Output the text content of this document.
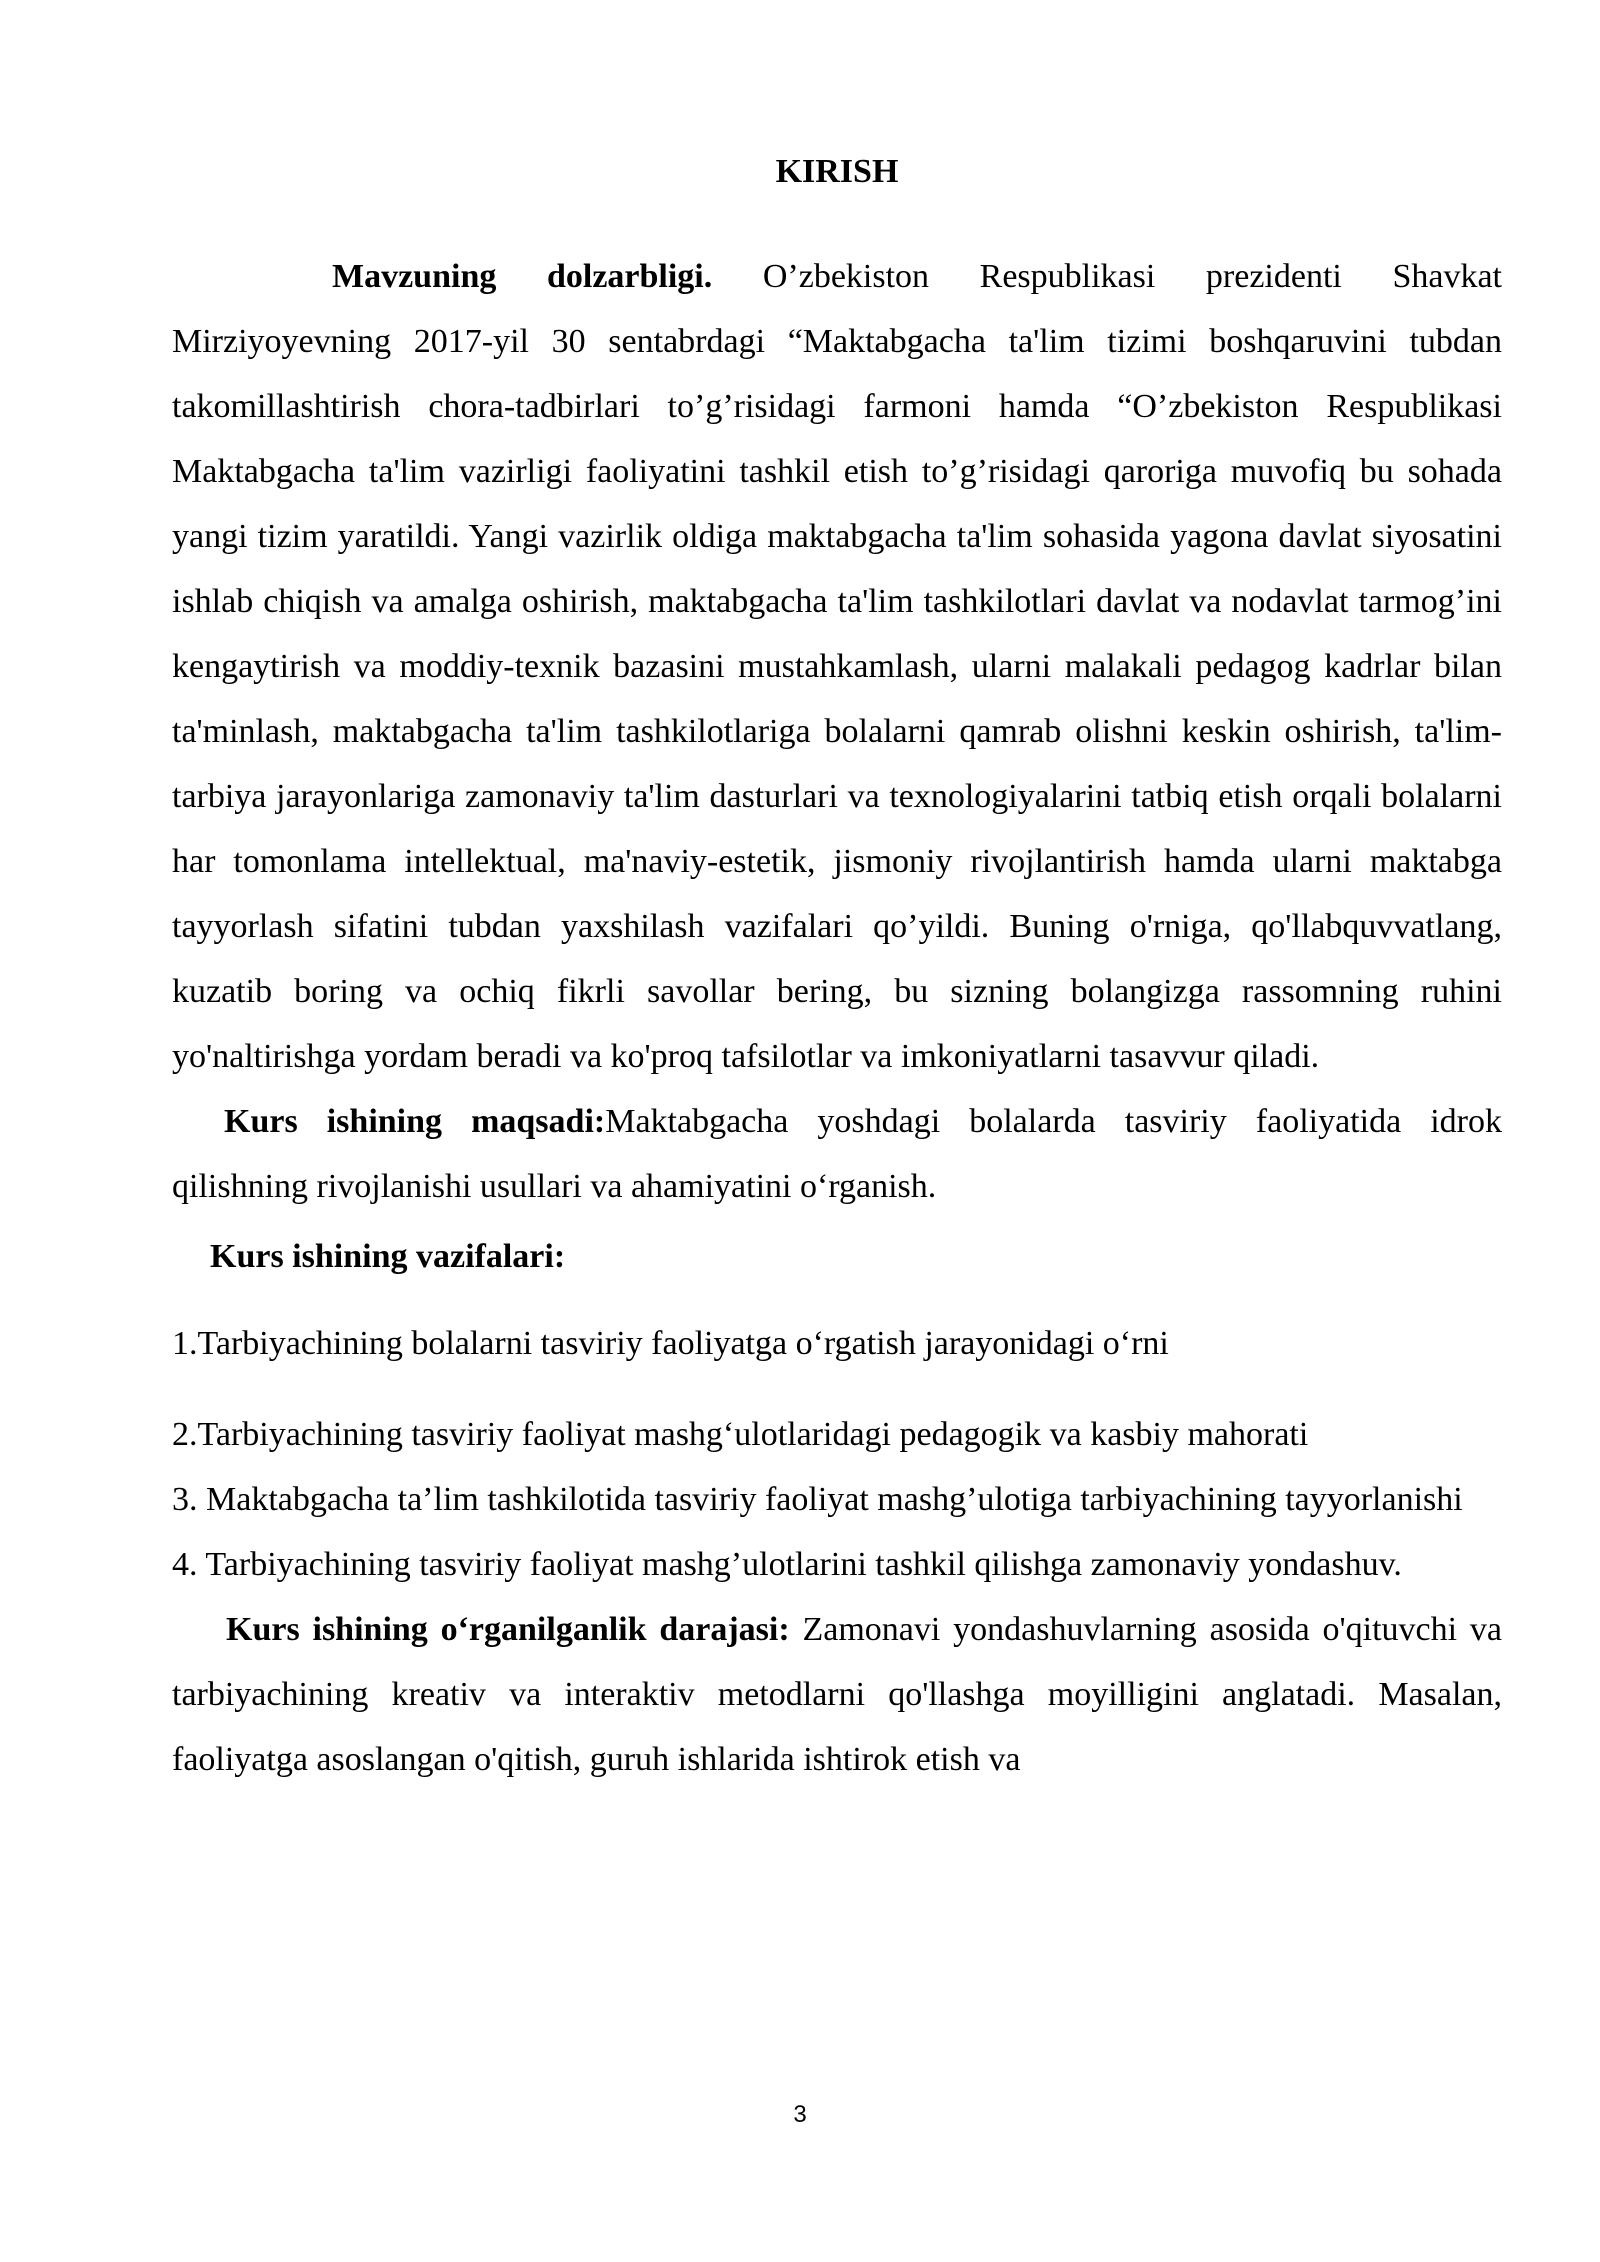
KIRISH

Mavzuning dolzarbligi. O’zbekiston Respublikasi prezidenti Shavkat Mirziyoyevning 2017-yil 30 sentabrdagi “Maktabgacha ta'lim tizimi boshqaruvini tubdan takomillashtirish chora-tadbirlari to’g’risidagi farmoni hamda “O’zbekiston Respublikasi Maktabgacha ta'lim vazirligi faoliyatini tashkil etish to’g’risidagi qaroriga muvofiq bu sohada yangi tizim yaratildi. Yangi vazirlik oldiga maktabgacha ta'lim sohasida yagona davlat siyosatini ishlab chiqish va amalga oshirish, maktabgacha ta'lim tashkilotlari davlat va nodavlat tarmog’ini kengaytirish va moddiy-texnik bazasini mustahkamlash, ularni malakali pedagog kadrlar bilan ta'minlash, maktabgacha ta'lim tashkilotlariga bolalarni qamrab olishni keskin oshirish, ta'lim-tarbiya jarayonlariga zamonaviy ta'lim dasturlari va texnologiyalarini tatbiq etish orqali bolalarni har tomonlama intellektual, ma'naviy-estetik, jismoniy rivojlantirish hamda ularni maktabga tayyorlash sifatini tubdan yaxshilash vazifalari qo’yildi. Buning o'rniga, qo'llabquvvatlang, kuzatib boring va ochiq fikrli savollar bering, bu sizning bolangizga rassomning ruhini yo'naltirishga yordam beradi va ko'proq tafsilotlar va imkoniyatlarni tasavvur qiladi.

Kurs ishining maqsadi:Maktabgacha yoshdagi bolalarda tasviriy faoliyatida idrok qilishning rivojlanishi usullari va ahamiyatini o‘rganish.

Kurs ishining vazifalari:

1.Tarbiyachining bolalarni tasviriy faoliyatga o‘rgatish jarayonidagi o‘rni
2.Tarbiyachining tasviriy faoliyat mashg‘ulotlaridagi pedagogik va kasbiy mahorati
3. Maktabgacha ta’lim tashkilotida tasviriy faoliyat mashg’ulotiga tarbiyachining tayyorlanishi
4. Tarbiyachining tasviriy faoliyat mashg’ulotlarini tashkil qilishga zamonaviy yondashuv.

Kurs ishining o‘rganilganlik darajasi: Zamonavi yondashuvlarning asosida o'qituvchi va tarbiyachining kreativ va interaktiv metodlarni qo'llashga moyilligini anglatadi. Masalan, faoliyatga asoslangan o'qitish, guruh ishlarida ishtirok etish va

3
